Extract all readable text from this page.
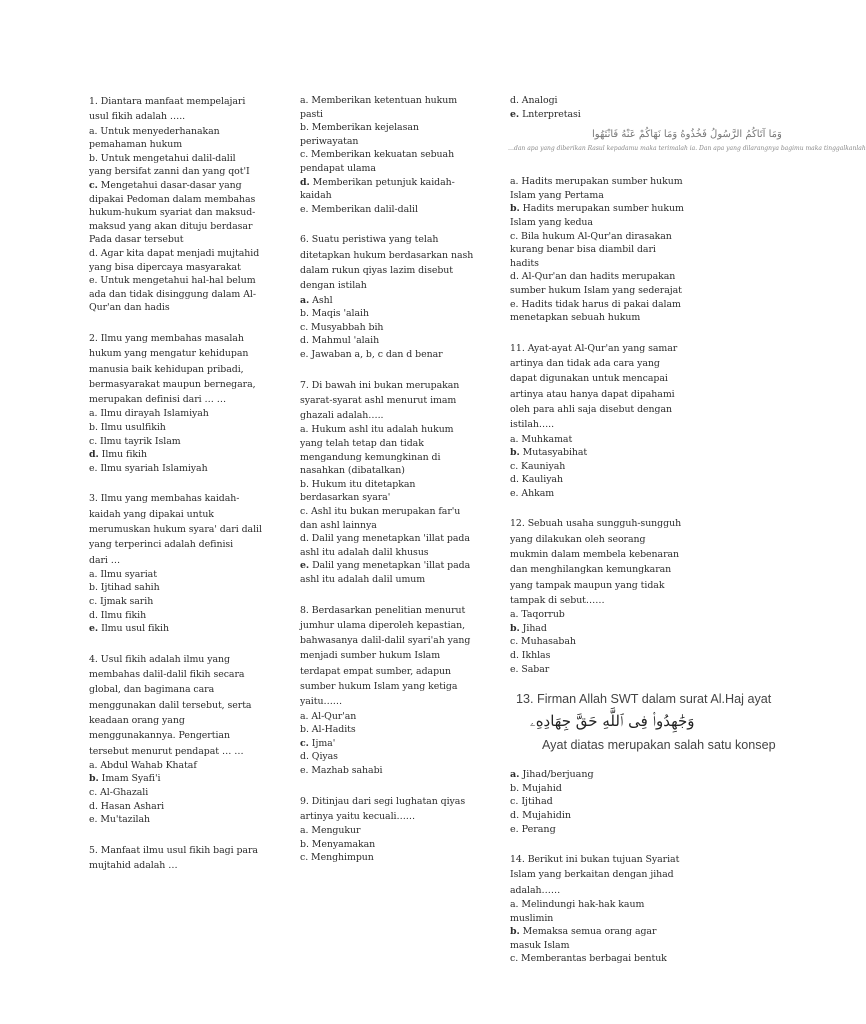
1. Diantara manfaat mempelajari
usul fikih adalah …..
a. Untuk menyederhanakan
pemahaman hukum
b. Untuk mengetahui dalil-dalil
yang bersifat zanni dan yang qot'I
c. Mengetahui dasar-dasar yang
dipakai Pedoman dalam membahas
hukum-hukum syariat dan maksud-
maksud yang akan dituju berdasar
Pada dasar tersebut
d. Agar kita dapat menjadi mujtahid
yang bisa dipercaya masyarakat
e. Untuk mengetahui hal-hal belum
ada dan tidak disinggung dalam Al-
Qur'an dan hadis
2. Ilmu yang membahas masalah
hukum yang mengatur kehidupan
manusia baik kehidupan pribadi,
bermasyarakat maupun bernegara,
merupakan definisi dari … …
a. Ilmu dirayah Islamiyah
b. Ilmu usulfikih
c. Ilmu tayrik Islam
d. Ilmu fikih
e. Ilmu syariah Islamiyah
3. Ilmu yang membahas kaidah-
kaidah yang dipakai untuk
merumuskan hukum syara' dari dalil
yang terperinci adalah definisi
dari …
a. Ilmu syariat
b. Ijtihad sahih
c. Ijmak sarih
d. Ilmu fikih
e. Ilmu usul fikih
4. Usul fikih adalah ilmu yang
membahas dalil-dalil fikih secara
global, dan bagimana cara
menggunakan dalil tersebut, serta
keadaan orang yang
menggunakannya. Pengertian
tersebut menurut pendapat … …
a. Abdul Wahab Khataf
b. Imam Syafi'i
c. Al-Ghazali
d. Hasan Ashari
e. Mu'tazilah
5. Manfaat ilmu usul fikih bagi para
mujtahid adalah …
a. Memberikan ketentuan hukum
pasti
b. Memberikan kejelasan
periwayatan
c. Memberikan kekuatan sebuah
pendapat ulama
d. Memberikan petunjuk kaidah-
kaidah
e. Memberikan dalil-dalil
6. Suatu peristiwa yang telah
ditetapkan hukum berdasarkan nash
dalam rukun qiyas lazim disebut
dengan istilah
a. Ashl
b. Maqis 'alaih
c. Musyabbah bih
d. Mahmul 'alaih
e. Jawaban a, b, c dan d benar
7. Di bawah ini bukan merupakan
syarat-syarat ashl menurut imam
ghazali adalah…..
a. Hukum ashl itu adalah hukum
yang telah tetap dan tidak
mengandung kemungkinan di
nasahkan (dibatalkan)
b. Hukum itu ditetapkan
berdasarkan syara'
c. Ashl itu bukan merupakan far'u
dan ashl lainnya
d. Dalil yang menetapkan 'illat pada
ashl itu adalah dalil khusus
e. Dalil yang menetapkan 'illat pada
ashl itu adalah dalil umum
8. Berdasarkan penelitian menurut
jumhur ulama diperoleh kepastian,
bahwasanya dalil-dalil syari'ah yang
menjadi sumber hukum Islam
terdapat empat sumber, adapun
sumber hukum Islam yang ketiga
yaitu……
a. Al-Qur'an
b. Al-Hadits
c. Ijma'
d. Qiyas
e. Mazhab sahabi
9. Ditinjau dari segi lughatan qiyas
artinya yaitu kecuali……
a. Mengukur
b. Menyamakan
c. Menghimpun
d. Analogi
e. Lnterpretasi
وَمَا آتَاكُمُ الرَّسُولُ فَخُذُوهُ وَمَا نَهَاكُمْ عَنْهُ فَانْتَهُوا
…dan apa yang diberikan Rasul kepadamu maka terimalah ia. Dan apa yang dilarangnya bagimu maka tinggalkanlah
a. Hadits merupakan sumber hukum
Islam yang Pertama
b. Hadits merupakan sumber hukum
Islam yang kedua
c. Bila hukum Al-Qur'an dirasakan
kurang benar bisa diambil dari
hadits
d. Al-Qur'an dan hadits merupakan
sumber hukum Islam yang sederajat
e. Hadits tidak harus di pakai dalam
menetapkan sebuah hukum
11. Ayat-ayat Al-Qur'an yang samar
artinya dan tidak ada cara yang
dapat digunakan untuk mencapai
artinya atau hanya dapat dipahami
oleh para ahli saja disebut dengan
istilah…..
a. Muhkamat
b. Mutasyabihat
c. Kauniyah
d. Kauliyah
e. Ahkam
12. Sebuah usaha sungguh-sungguh
yang dilakukan oleh seorang
mukmin dalam membela kebenaran
dan menghilangkan kemungkaran
yang tampak maupun yang tidak
tampak di sebut……
a. Taqorrub
b. Jihad
c. Muhasabah
d. Ikhlas
e. Sabar
13. Firman Allah SWT dalam surat Al.Haj ayat
وَجَٰهِدُوا۟ فِى ٱللَّهِ حَقَّ جِهَادِهِۦ
Ayat diatas merupakan salah satu konsep
a. Jihad/berjuang
b. Mujahid
c. Ijtihad
d. Mujahidin
e. Perang
14. Berikut ini bukan tujuan Syariat
Islam yang berkaitan dengan jihad
adalah……
a. Melindungi hak-hak kaum
muslimin
b. Memaksa semua orang agar
masuk Islam
c. Memberantas berbagai bentuk
